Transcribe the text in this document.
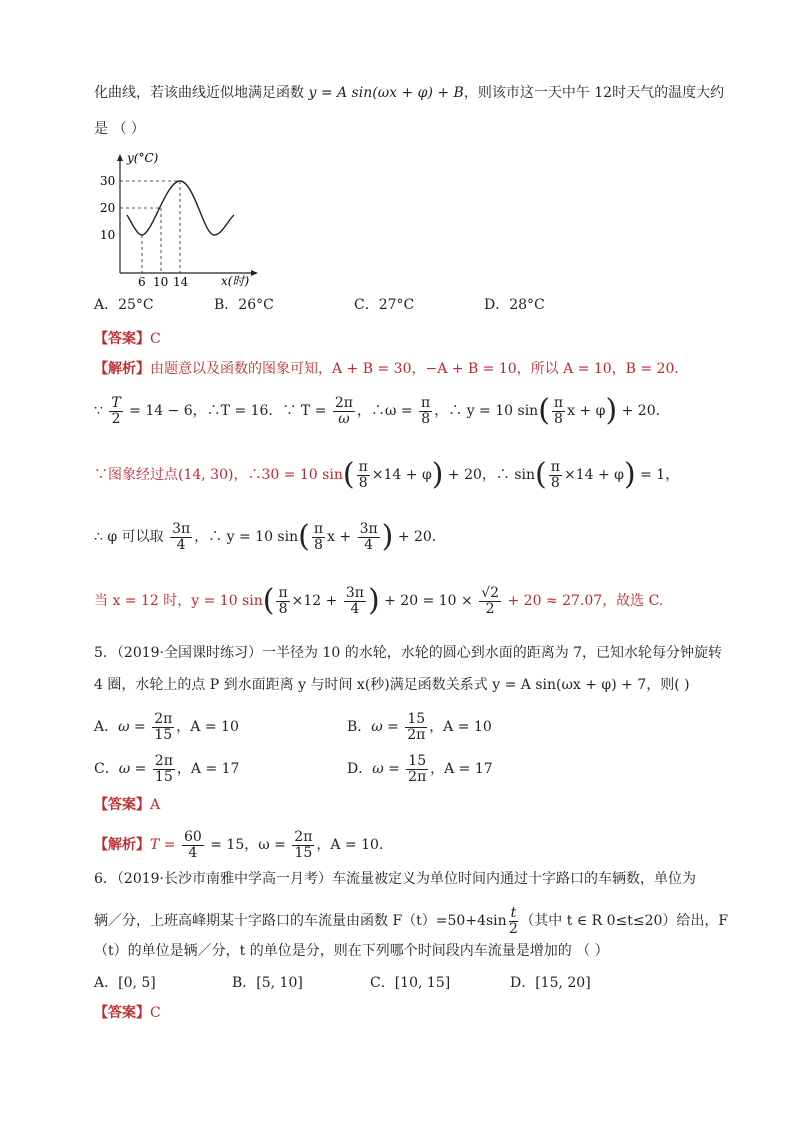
化曲线，若该曲线近似地满足函数 y = A sin(ωx + φ) + B，则该市这一天中午 12时天气的温度大约
是 （ ）
y(°C)
30
20
10
6 10 14	x(时)
A．25°C	B．26°C	C．27°C	D．28°C
【答案】C
【解析】由题意以及函数的图象可知，A + B = 30，−A + B = 10，所以 A = 10，B = 20．
∵ $\frac{T}{2} = 14 - 6$，∴T = 16．∵ $T = \frac{2\pi}{\omega}$ ，∴ω = $\frac{\pi}{8}$ ，∴ y = 10 $\sin( \frac{\pi}{8}$ x + φ) + 20．
∵图象经过点(14, 30)，∴30 = 10 $\sin( \frac{\pi}{8} \times 14 + \varphi) + 20$，∴ $\sin( \frac{\pi}{8} \times 14 + \varphi) = 1$，
∴ φ 可以取 $\frac{3\pi}{4}$ ，∴ y = 10 $\sin( \frac{\pi}{8}$ $x + \frac{3\pi}{4}$ ) + 20．
当 x = 12 时，y = 10 $\sin( \frac{\pi}{8} \times 12 + \frac{3\pi}{4}$ ) + $20 = 10 \times \frac{√2}{2} + 20 \approx 27.07$，故选 C.
5．（2019·全国课时练习）一半径为 10 的水轮，水轮的圆心到水面的距离为 7，已知水轮每分钟旋转
4 圈，水轮上的点 P 到水面距离 y 与时间 x(秒)满足函数关系式 y = A sin(ωx + φ) + 7，则( )
A．$\omega = \frac{2\pi}{15}$ ，A = 10	B．$\omega = \frac{15}{2\pi}$ ，A = 10
C．$\omega = \frac{2\pi}{15}$ ，A = 17	D．$\omega = \frac{15}{2\pi}$ ，A = 17
【答案】A
【解析】$T = \frac{60}{4} = 15$，$\omega = \frac{2\pi}{15}$ ，A = 10．
6．（2019·长沙市南雅中学高一月考）车流量被定义为单位时间内通过十字路口的车辆数，单位为
辆／分，上班高峰期某十字路口的车流量由函数 $F(t)=50+4\sin \frac{t}{2}$ （其中 t ∈ R 0≤t≤20）给出，F
（t）的单位是辆／分，t 的单位是分，则在下列哪个时间段内车流量是增加的 （ ）
A．[0, 5]	B．[5, 10]	C．[10, 15]	D．[15, 20]
【答案】C
